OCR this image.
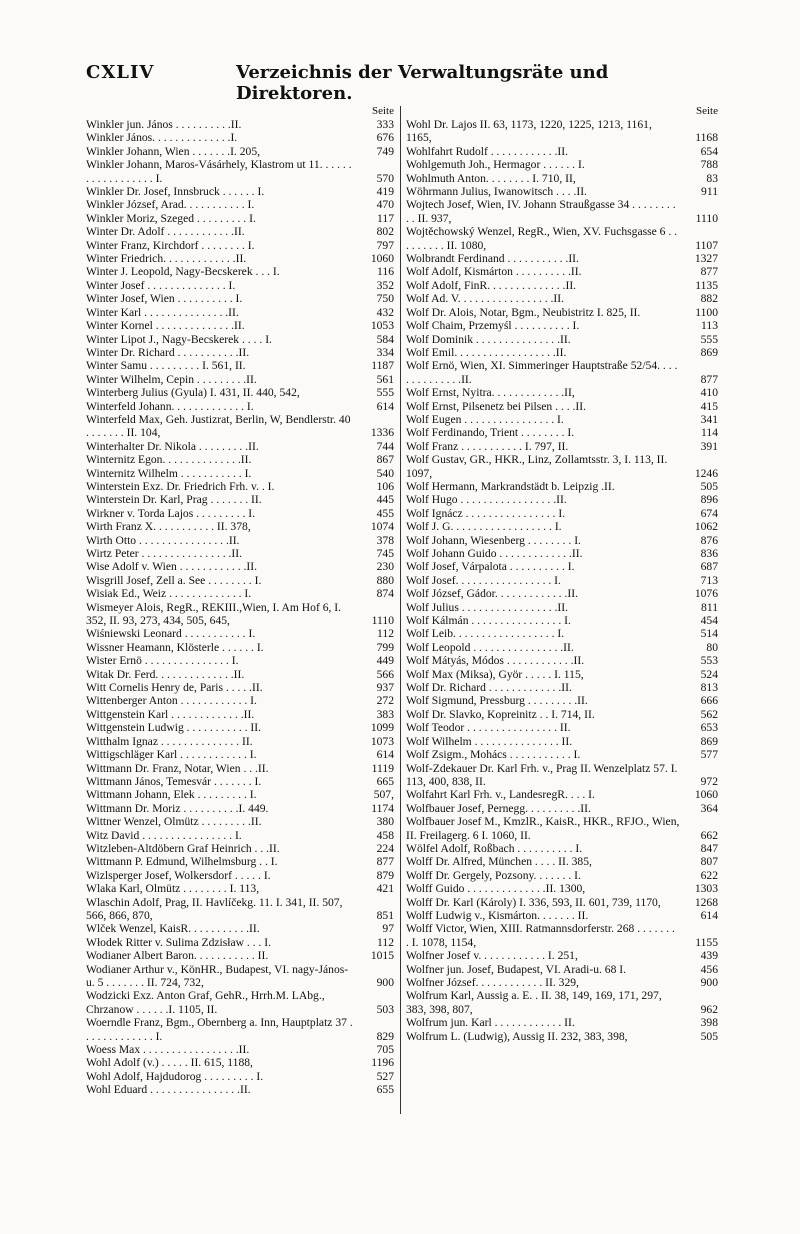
CXLIV	Verzeichnis der Verwaltungsräte und Direktoren.
Seite
Winkler jun. János . . . . . . . . . .II.	333
Winkler János. . . . . . . . . . . . . .I.	676
Winkler Johann, Wien . . . . . . .I. 205,	749
Winkler Johann, Maros-Vásárhely, Klastrom ut 11. . . . . . . . . . . . . . . . . . I.	570
Winkler Dr. Josef, Innsbruck . . . . . . I.	419
Winkler József, Arad. . . . . . . . . . . I.	470
Winkler Moriz, Szeged . . . . . . . . . I.	117
Winter Dr. Adolf . . . . . . . . . . . .II.	802
Winter Franz, Kirchdorf . . . . . . . . I.	797
Winter Friedrich. . . . . . . . . . . . .II.	1060
Winter J. Leopold, Nagy-Becskerek . . . I.	116
Winter Josef . . . . . . . . . . . . . . I.	352
Winter Josef, Wien . . . . . . . . . . I.	750
Winter Karl . . . . . . . . . . . . . . .II.	432
Winter Kornel . . . . . . . . . . . . . .II.	1053
Winter Lipot J., Nagy-Becskerek . . . . I.	584
Winter Dr. Richard . . . . . . . . . . .II.	334
Winter Samu . . . . . . . . . I. 561, II.	1187
Winter Wilhelm, Cepin . . . . . . . . .II.	561
Winterberg Julius (Gyula) I. 431, II. 440, 542,	555
Winterfeld Johann. . . . . . . . . . . . . I.	614
Winterfeld Max, Geh. Justizrat, Berlin, W, Bendlerstr. 40 . . . . . . . II. 104,	1336
Winterhalter Dr. Nikola . . . . . . . . .II.	744
Winternitz Egon. . . . . . . . . . . . . .II.	867
Winternitz Wilhelm . . . . . . . . . . . I.	540
Winterstein Exz. Dr. Friedrich Frh. v. . I.	106
Winterstein Dr. Karl, Prag . . . . . . . II.	445
Wirkner v. Torda Lajos . . . . . . . . . I.	455
Wirth Franz X. . . . . . . . . . . II. 378,	1074
Wirth Otto . . . . . . . . . . . . . . . .II.	378
Wirtz Peter . . . . . . . . . . . . . . . .II.	745
Wise Adolf v. Wien . . . . . . . . . . . .II.	230
Wisgrill Josef, Zell a. See . . . . . . . . I.	880
Wisiak Ed., Weiz . . . . . . . . . . . . . I.	874
Wismeyer Alois, RegR., REKIII.,Wien, I. Am Hof 6, I. 352, II. 93, 273, 434, 505, 645,	1110
Wiśniewski Leonard . . . . . . . . . . . I.	112
Wissner Heamann, Klösterle . . . . . . I.	799
Wister Ernö . . . . . . . . . . . . . . . I.	449
Witak Dr. Ferd. . . . . . . . . . . . . .II.	566
Witt Cornelis Henry de, Paris . . . . .II.	937
Wittenberger Anton . . . . . . . . . . . . I.	272
Wittgenstein Karl . . . . . . . . . . . . .II.	383
Wittgenstein Ludwig . . . . . . . . . . . II.	1099
Witthalm Ignaz . . . . . . . . . . . . . . II.	1073
Wittigschläger Karl . . . . . . . . . . . . I.	614
Wittmann Dr. Franz, Notar, Wien . . .II.	1119
Wittmann János, Temesvár . . . . . . . I.	665
Wittmann Johann, Elek . . . . . . . . . I.	507,
Wittmann Dr. Moriz . . . . . . . . . .I. 449.	1174
Wittner Wenzel, Olmütz . . . . . . . . .II.	380
Witz David . . . . . . . . . . . . . . . . I.	458
Witzleben-Altdöbern Graf Heinrich . . .II.	224
Wittmann P. Edmund, Wilhelmsburg . . I.	877
Wizlsperger Josef, Wolkersdorf . . . . . I.	879
Wlaka Karl, Olmütz . . . . . . . . I. 113,	421
Wlaschin Adolf, Prag, II. Havlíčekg. 11. I. 341, II. 507, 566, 866, 870,	851
Wlček Wenzel, KaisR. . . . . . . . . . .II.	97
Włodek Ritter v. Sulima Zdzisław . . . I.	112
Wodianer Albert Baron. . . . . . . . . . . II.	1015
Wodianer Arthur v., KönHR., Budapest, VI. nagy-János-u. 5 . . . . . . . II. 724, 732,	900
Wodzicki Exz. Anton Graf, GehR., Hrrh.M. LAbg., Chrzanow . . . . . .I. 1105, II.	503
Woerndle Franz, Bgm., Obernberg a. Inn, Hauptplatz 37 . . . . . . . . . . . . . I.	829
Woess Max . . . . . . . . . . . . . . . . .II.	705
Wohl Adolf (v.) . . . . . II. 615, 1188,	1196
Wohl Adolf, Hajdudorog . . . . . . . . . I.	527
Wohl Eduard . . . . . . . . . . . . . . . .II.	655
Seite
Wohl Dr. Lajos II. 63, 1173, 1220, 1225, 1213, 1161, 1165,	1168
Wohlfahrt Rudolf . . . . . . . . . . . .II.	654
Wohlgemuth Joh., Hermagor . . . . . . I.	788
Wohlmuth Anton. . . . . . . . I. 710, II,	83
Wöhrmann Julius, Iwanowitsch . . . .II.	911
Wojtech Josef, Wien, IV. Johann Straußgasse 34 . . . . . . . . . . II. 937,	1110
Wojtěchowský Wenzel, RegR., Wien, XV. Fuchsgasse 6 . . . . . . . . . II. 1080,	1107
Wolbrandt Ferdinand . . . . . . . . . . .II.	1327
Wolf Adolf, Kismárton . . . . . . . . . .II.	877
Wolf Adolf, FinR. . . . . . . . . . . . . .II.	1135
Wolf Ad. V. . . . . . . . . . . . . . . . .II.	882
Wolf Dr. Alois, Notar, Bgm., Neubistritz I. 825, II.	1100
Wolf Chaim, Przemyśl . . . . . . . . . . I.	113
Wolf Dominik . . . . . . . . . . . . . . .II.	555
Wolf Emil. . . . . . . . . . . . . . . . . .II.	869
Wolf Ernö, Wien, XI. Simmeringer Hauptstraße 52/54. . . . . . . . . . . . . .II.	877
Wolf Ernst, Nyitra. . . . . . . . . . . . .II,	410
Wolf Ernst, Pilsenetz bei Pilsen . . . .II.	415
Wolf Eugen . . . . . . . . . . . . . . . . I.	341
Wolf Ferdinando, Trient . . . . . . . . I.	114
Wolf Franz . . . . . . . . . . . I. 797, II.	391
Wolf Gustav, GR., HKR., Linz, Zollamtsstr. 3, I. 113, II. 1097,	1246
Wolf Hermann, Markrandstädt b. Leipzig .II.	505
Wolf Hugo . . . . . . . . . . . . . . . . .II.	896
Wolf Ignácz . . . . . . . . . . . . . . . . I.	674
Wolf J. G. . . . . . . . . . . . . . . . . . I.	1062
Wolf Johann, Wiesenberg . . . . . . . . I.	876
Wolf Johann Guido . . . . . . . . . . . . .II.	836
Wolf Josef, Várpalota . . . . . . . . . . I.	687
Wolf Josef. . . . . . . . . . . . . . . . . I.	713
Wolf József, Gádor. . . . . . . . . . . . .II.	1076
Wolf Julius . . . . . . . . . . . . . . . . .II.	811
Wolf Kálmán . . . . . . . . . . . . . . . . I.	454
Wolf Leib. . . . . . . . . . . . . . . . . . I.	514
Wolf Leopold . . . . . . . . . . . . . . . .II.	80
Wolf Mátyás, Módos . . . . . . . . . . . .II.	553
Wolf Max (Miksa), Györ . . . . . I. 115,	524
Wolf Dr. Richard . . . . . . . . . . . . .II.	813
Wolf Sigmund, Pressburg . . . . . . . . .II.	666
Wolf Dr. Slavko, Kopreinitz . . I. 714, II.	562
Wolf Teodor . . . . . . . . . . . . . . . . II.	653
Wolf Wilhelm . . . . . . . . . . . . . . . II.	869
Wolf Zsigm., Mohács . . . . . . . . . . . I.	577
Wolf-Zdekauer Dr. Karl Frh. v., Prag II. Wenzelplatz 57. I. 113, 400, 838, II.	972
Wolfahrt Karl Frh. v., LandesregR. . . . I.	1060
Wolfbauer Josef, Pernegg. . . . . . . . . .II.	364
Wolfbauer Josef M., KmzlR., KaisR., HKR., RFJO., Wien, II. Freilagerg. 6 I. 1060, II.	662
Wölfel Adolf, Roßbach . . . . . . . . . . I.	847
Wolff Dr. Alfred, München . . . . II. 385,	807
Wolff Dr. Gergely, Pozsony. . . . . . . I.	622
Wolff Guido . . . . . . . . . . . . . .II. 1300,	1303
Wolff Dr. Karl (Károly) I. 336, 593, II. 601, 739, 1170,	1268
Wolff Ludwig v., Kismárton. . . . . . . II.	614
Wolff Victor, Wien, XIII. Ratmannsdorferstr. 268 . . . . . . . . I. 1078, 1154,	1155
Wolfner Josef v. . . . . . . . . . . . I. 251,	439
Wolfner jun. Josef, Budapest, VI. Aradi-u. 68 I.	456
Wolfner József. . . . . . . . . . . . II. 329,	900
Wolfrum Karl, Aussig a. E. . II. 38, 149, 169, 171, 297, 383, 398, 807,	962
Wolfrum jun. Karl . . . . . . . . . . . . II.	398
Wolfrum L. (Ludwig), Aussig II. 232, 383, 398,	505
